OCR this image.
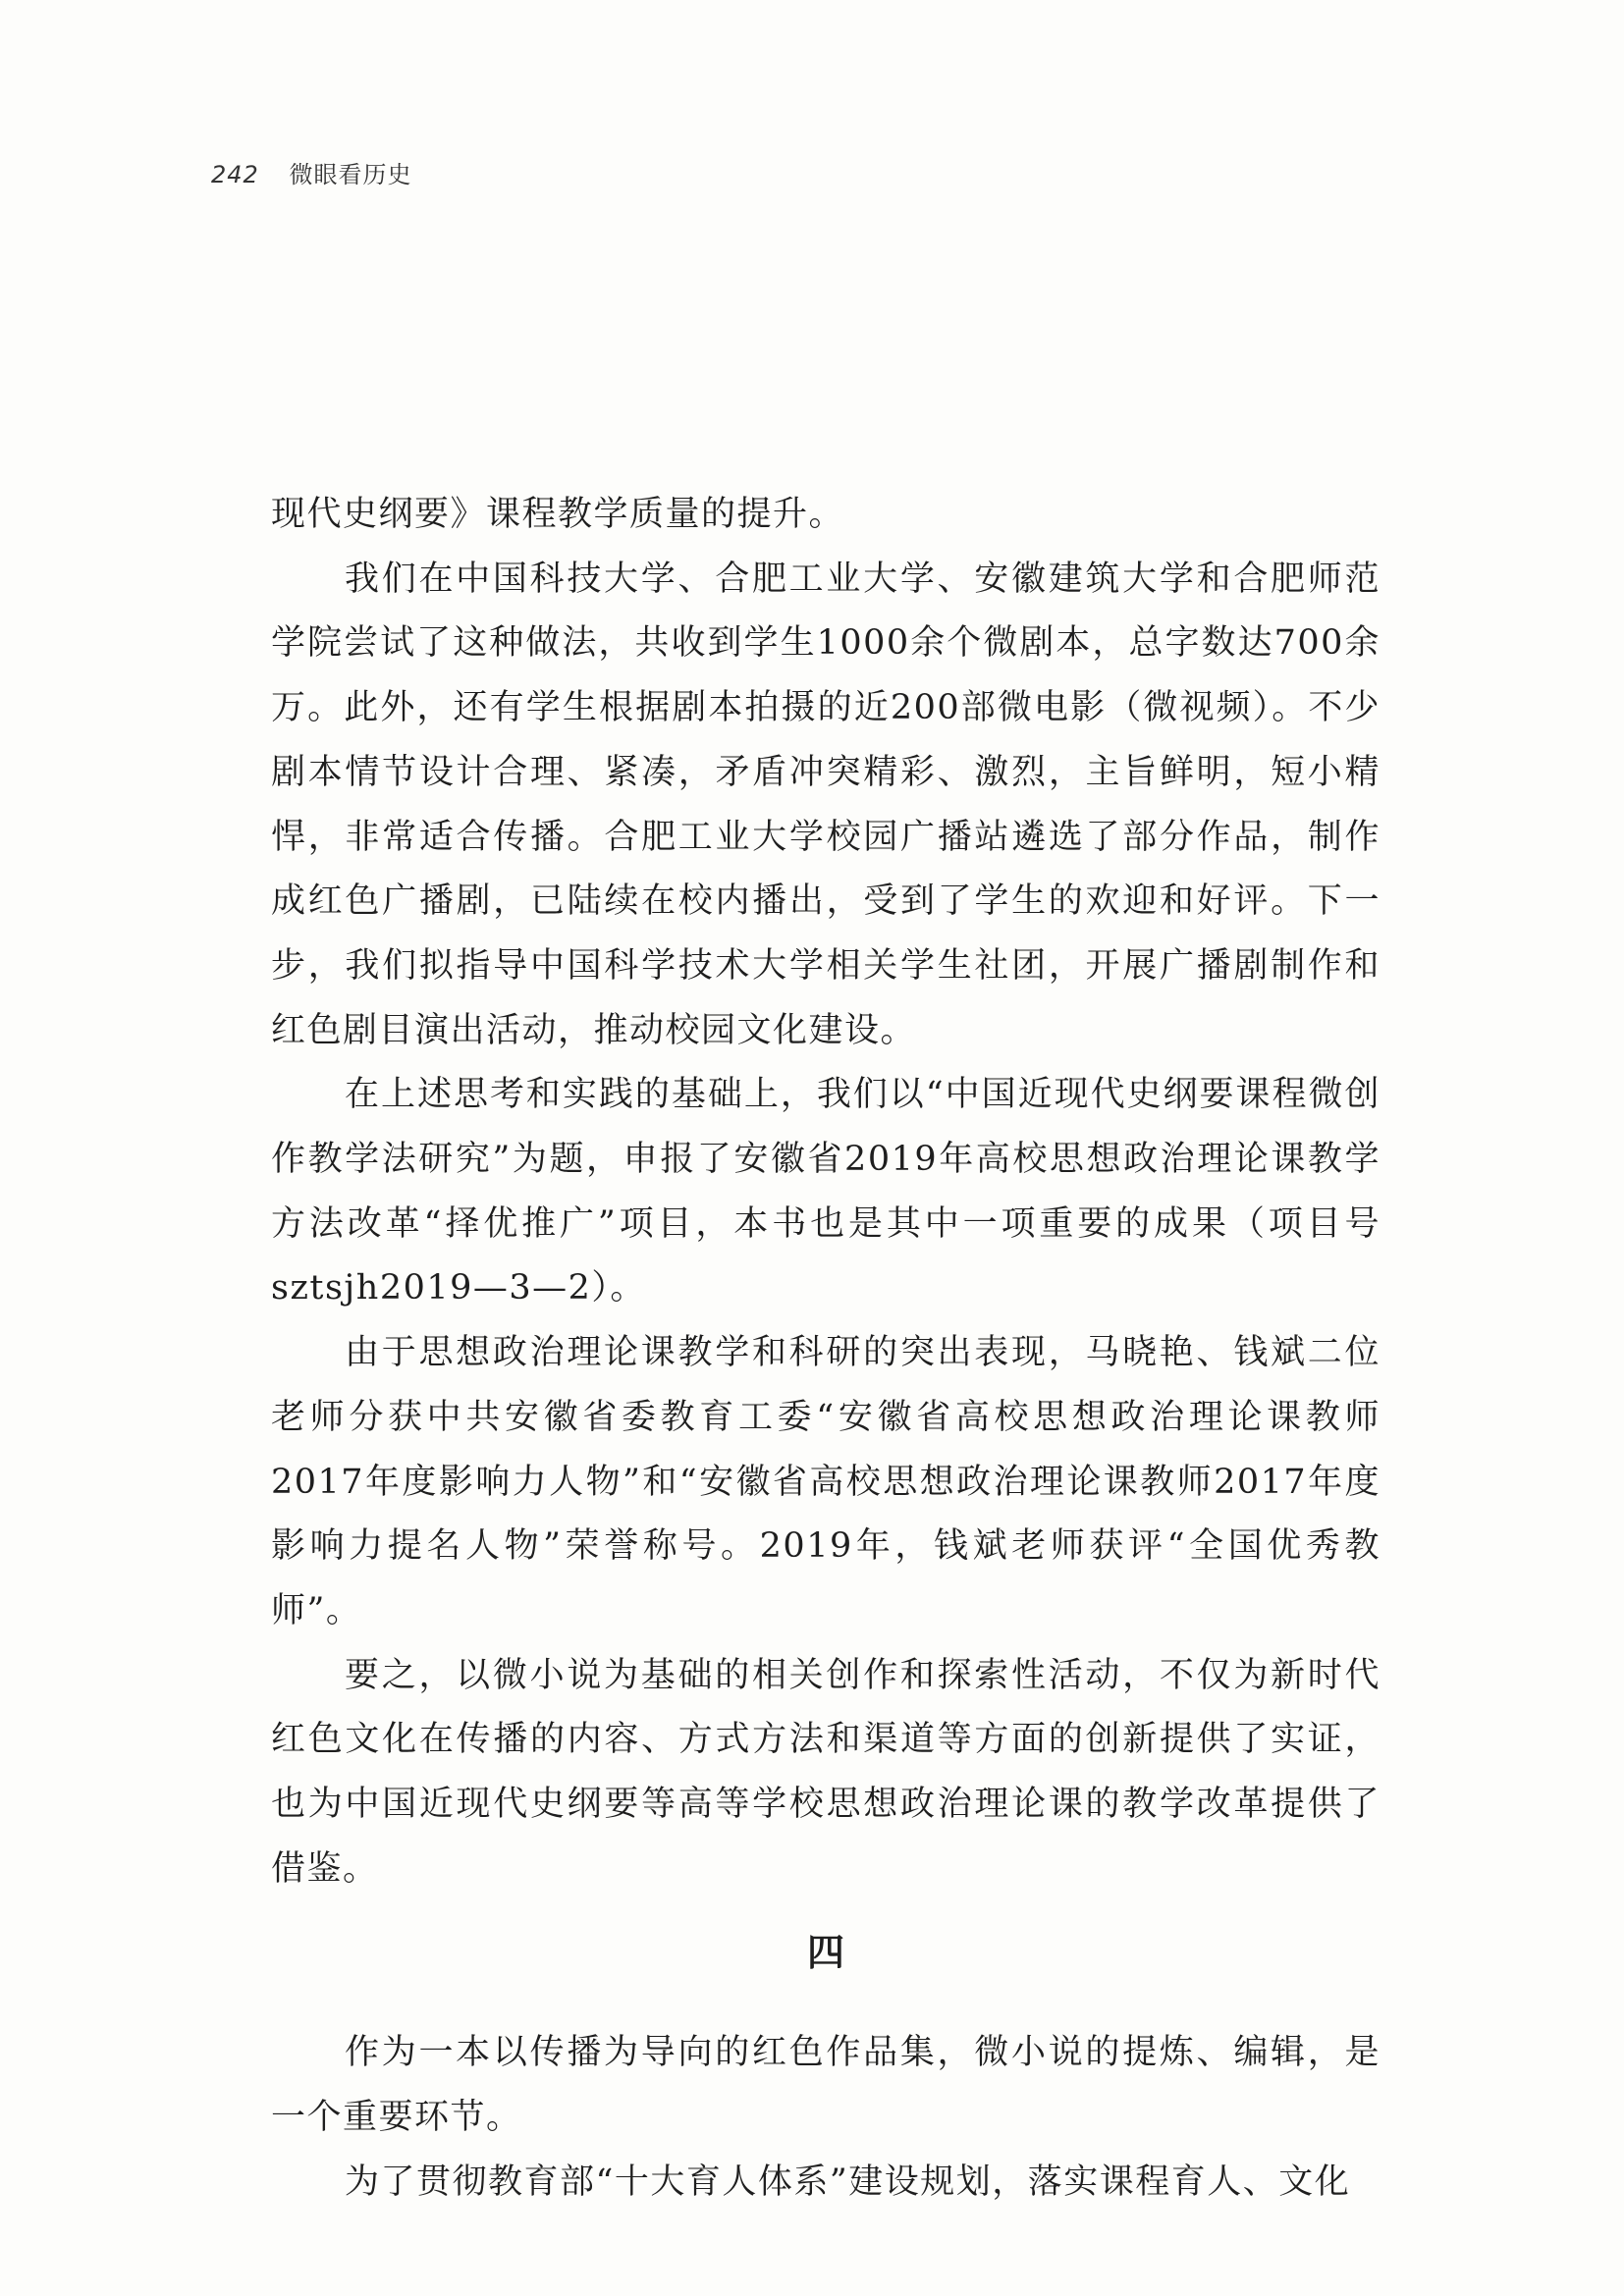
242 微眼看历史

现代史纲要》课程教学质量的提升。

我们在中国科技大学、合肥工业大学、安徽建筑大学和合肥师范学院尝试了这种做法，共收到学生1000余个微剧本，总字数达700余万。此外，还有学生根据剧本拍摄的近200部微电影（微视频）。不少剧本情节设计合理、紧凑，矛盾冲突精彩、激烈，主旨鲜明，短小精悍，非常适合传播。合肥工业大学校园广播站遴选了部分作品，制作成红色广播剧，已陆续在校内播出，受到了学生的欢迎和好评。下一步，我们拟指导中国科学技术大学相关学生社团，开展广播剧制作和红色剧目演出活动，推动校园文化建设。

在上述思考和实践的基础上，我们以“中国近现代史纲要课程微创作教学法研究”为题，申报了安徽省2019年高校思想政治理论课教学方法改革“择优推广”项目，本书也是其中一项重要的成果（项目号sztsjh2019—3—2）。

由于思想政治理论课教学和科研的突出表现，马晓艳、钱斌二位老师分获中共安徽省委教育工委“安徽省高校思想政治理论课教师2017年度影响力人物”和“安徽省高校思想政治理论课教师2017年度影响力提名人物”荣誉称号。2019年，钱斌老师获评“全国优秀教师”。

要之，以微小说为基础的相关创作和探索性活动，不仅为新时代红色文化在传播的内容、方式方法和渠道等方面的创新提供了实证，也为中国近现代史纲要等高等学校思想政治理论课的教学改革提供了借鉴。

四

作为一本以传播为导向的红色作品集，微小说的提炼、编辑，是一个重要环节。

为了贯彻教育部“十大育人体系”建设规划，落实课程育人、文化
